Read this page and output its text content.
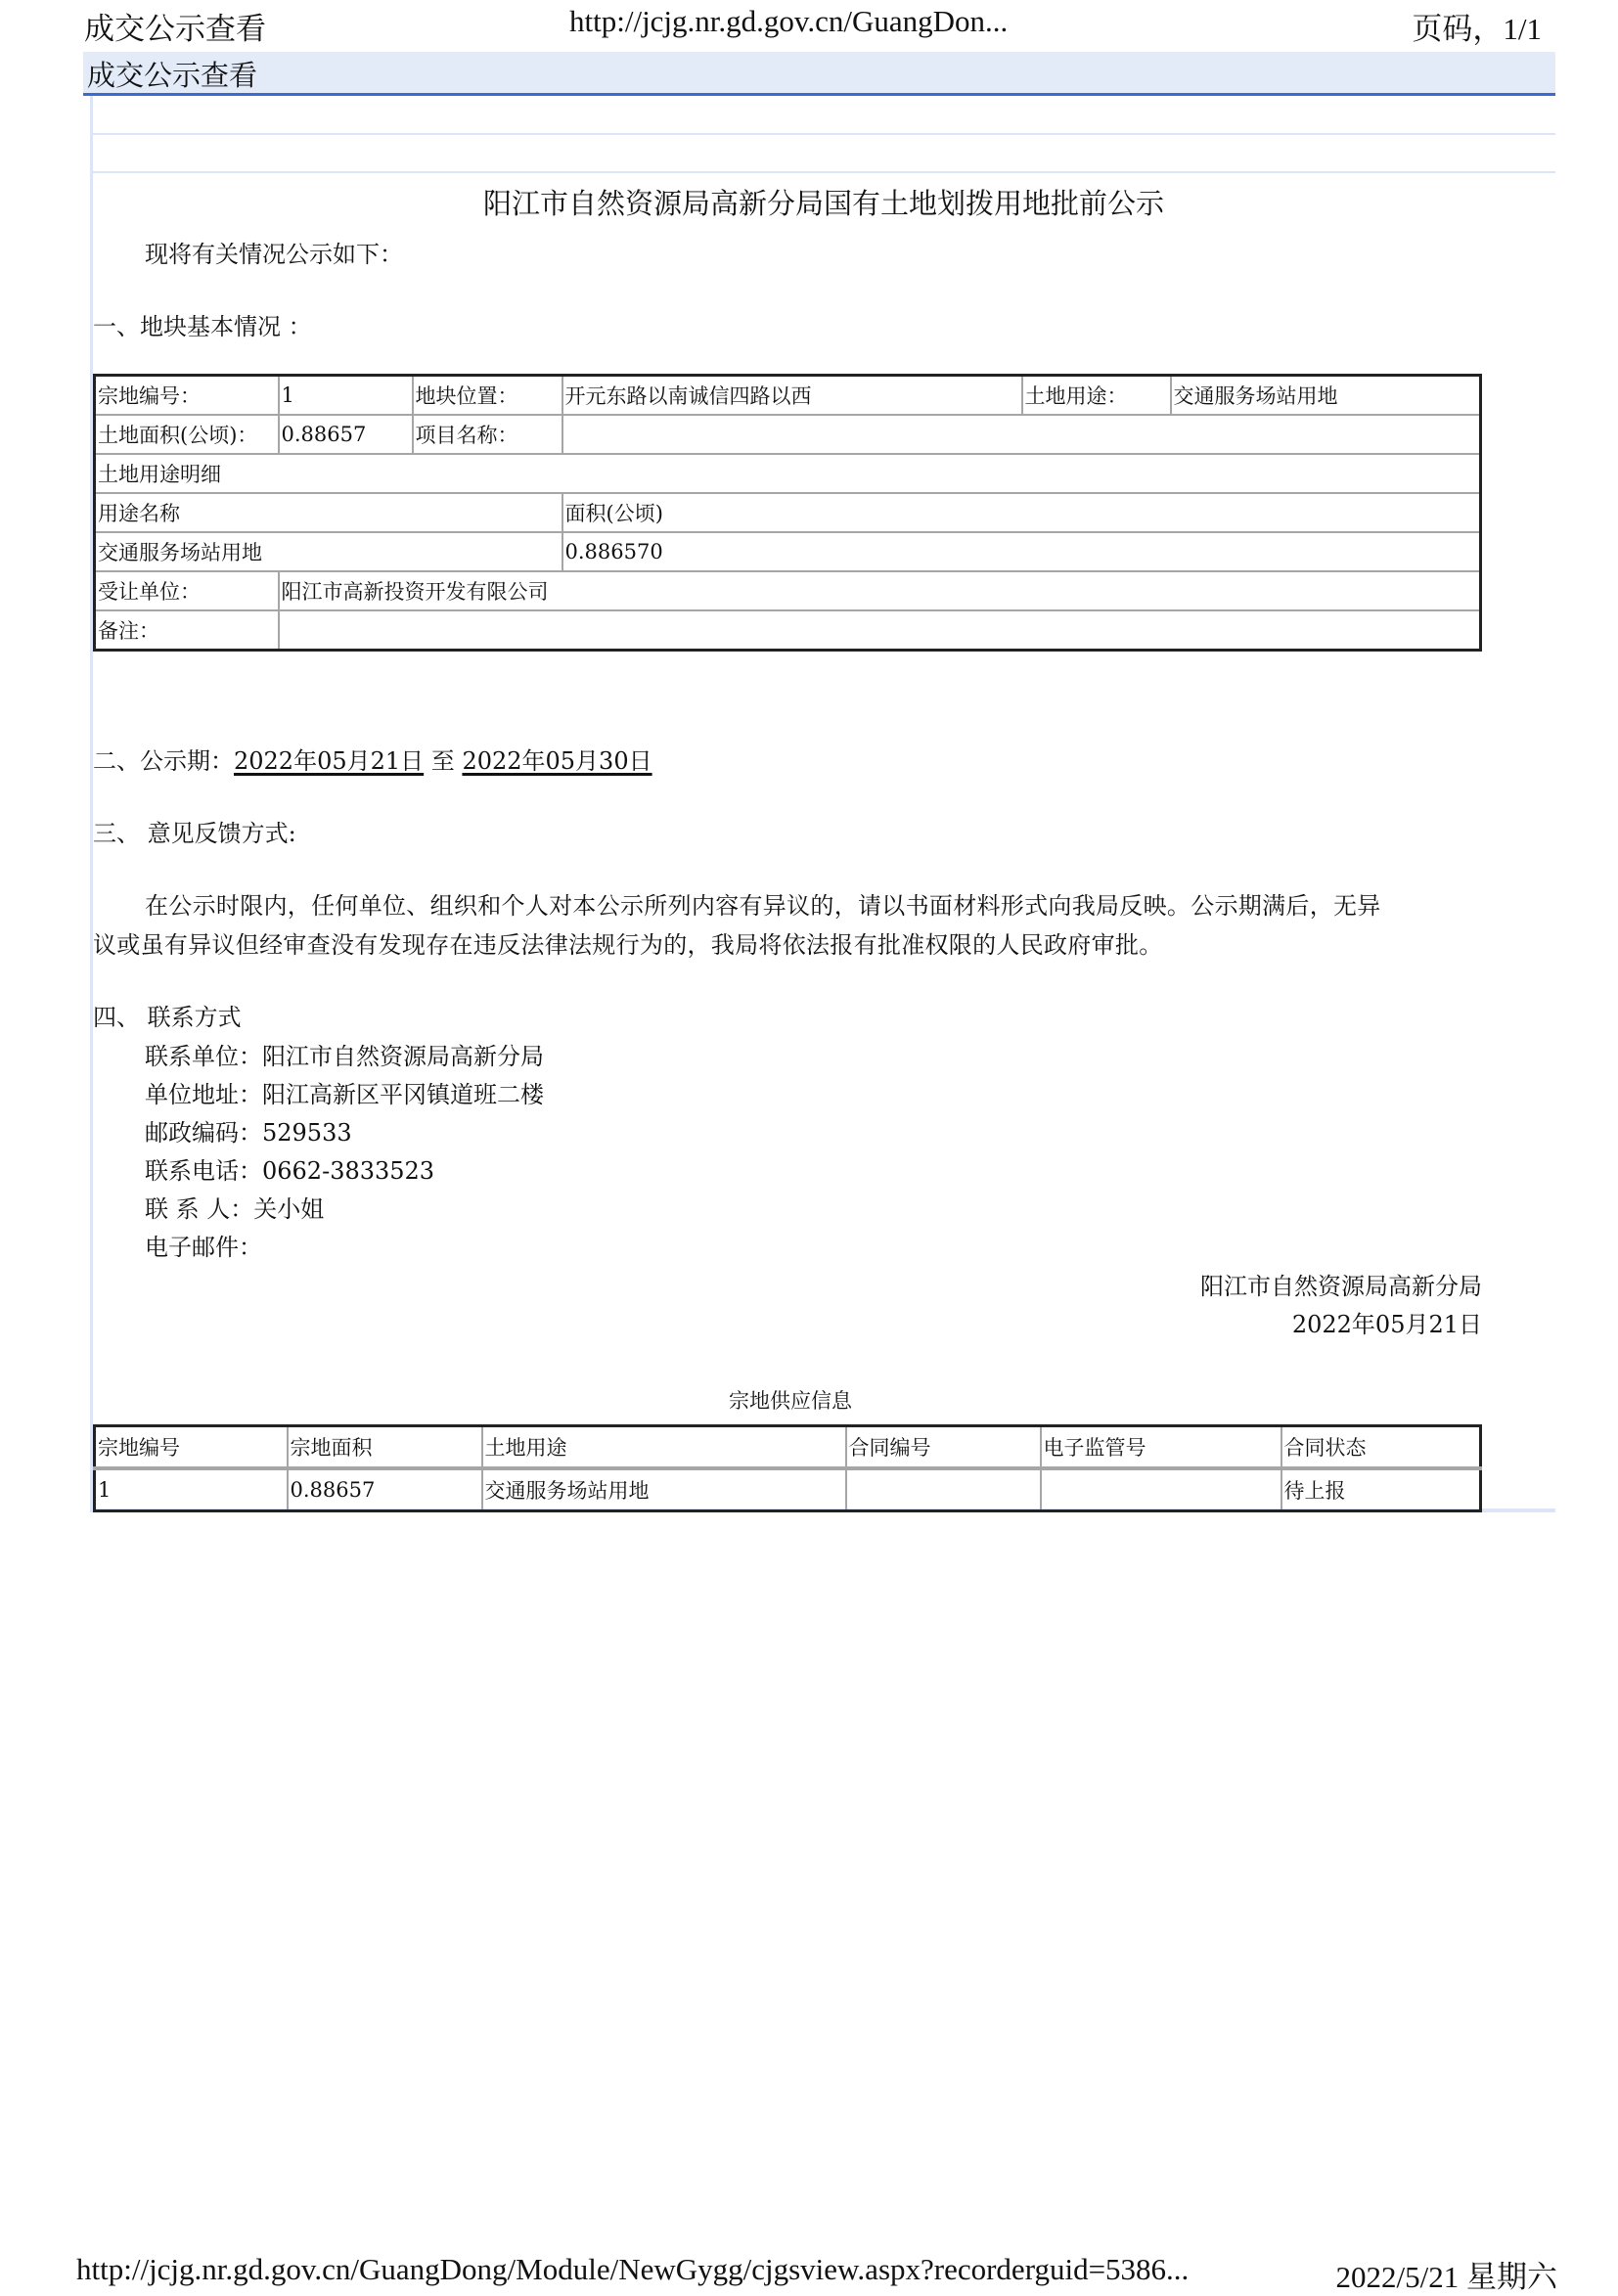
成交公示查看	http://jcjg.nr.gd.gov.cn/GuangDon...	页码，1/1
成交公示查看
阳江市自然资源局高新分局国有土地划拨用地批前公示
现将有关情况公示如下：
一、地块基本情况 ：
宗地编号：	1	地块位置：	开元东路以南诚信四路以西	土地用途：	交通服务场站用地
土地面积(公顷)：	0.88657	项目名称：			
土地用途明细					
用途名称			面积(公顷)		
交通服务场站用地			0.886570		
受让单位：	阳江市高新投资开发有限公司				
备注：					
二、公示期：2022年05月21日 至 2022年05月30日
三、 意见反馈方式:
在公示时限内，任何单位、组织和个人对本公示所列内容有异议的，请以书面材料形式向我局反映。公示期满后，无异
议或虽有异议但经审查没有发现存在违反法律法规行为的，我局将依法报有批准权限的人民政府审批。
四、 联系方式
联系单位：阳江市自然资源局高新分局
单位地址：阳江高新区平冈镇道班二楼
邮政编码：529533
联系电话：0662-3833523
联 系 人：关小姐
电子邮件：
阳江市自然资源局高新分局
2022年05月21日
宗地供应信息
宗地编号	宗地面积	土地用途	合同编号	电子监管号	合同状态
1	0.88657	交通服务场站用地			待上报
http://jcjg.nr.gd.gov.cn/GuangDong/Module/NewGygg/cjgsview.aspx?recorderguid=5386...	2022/5/21 星期六
